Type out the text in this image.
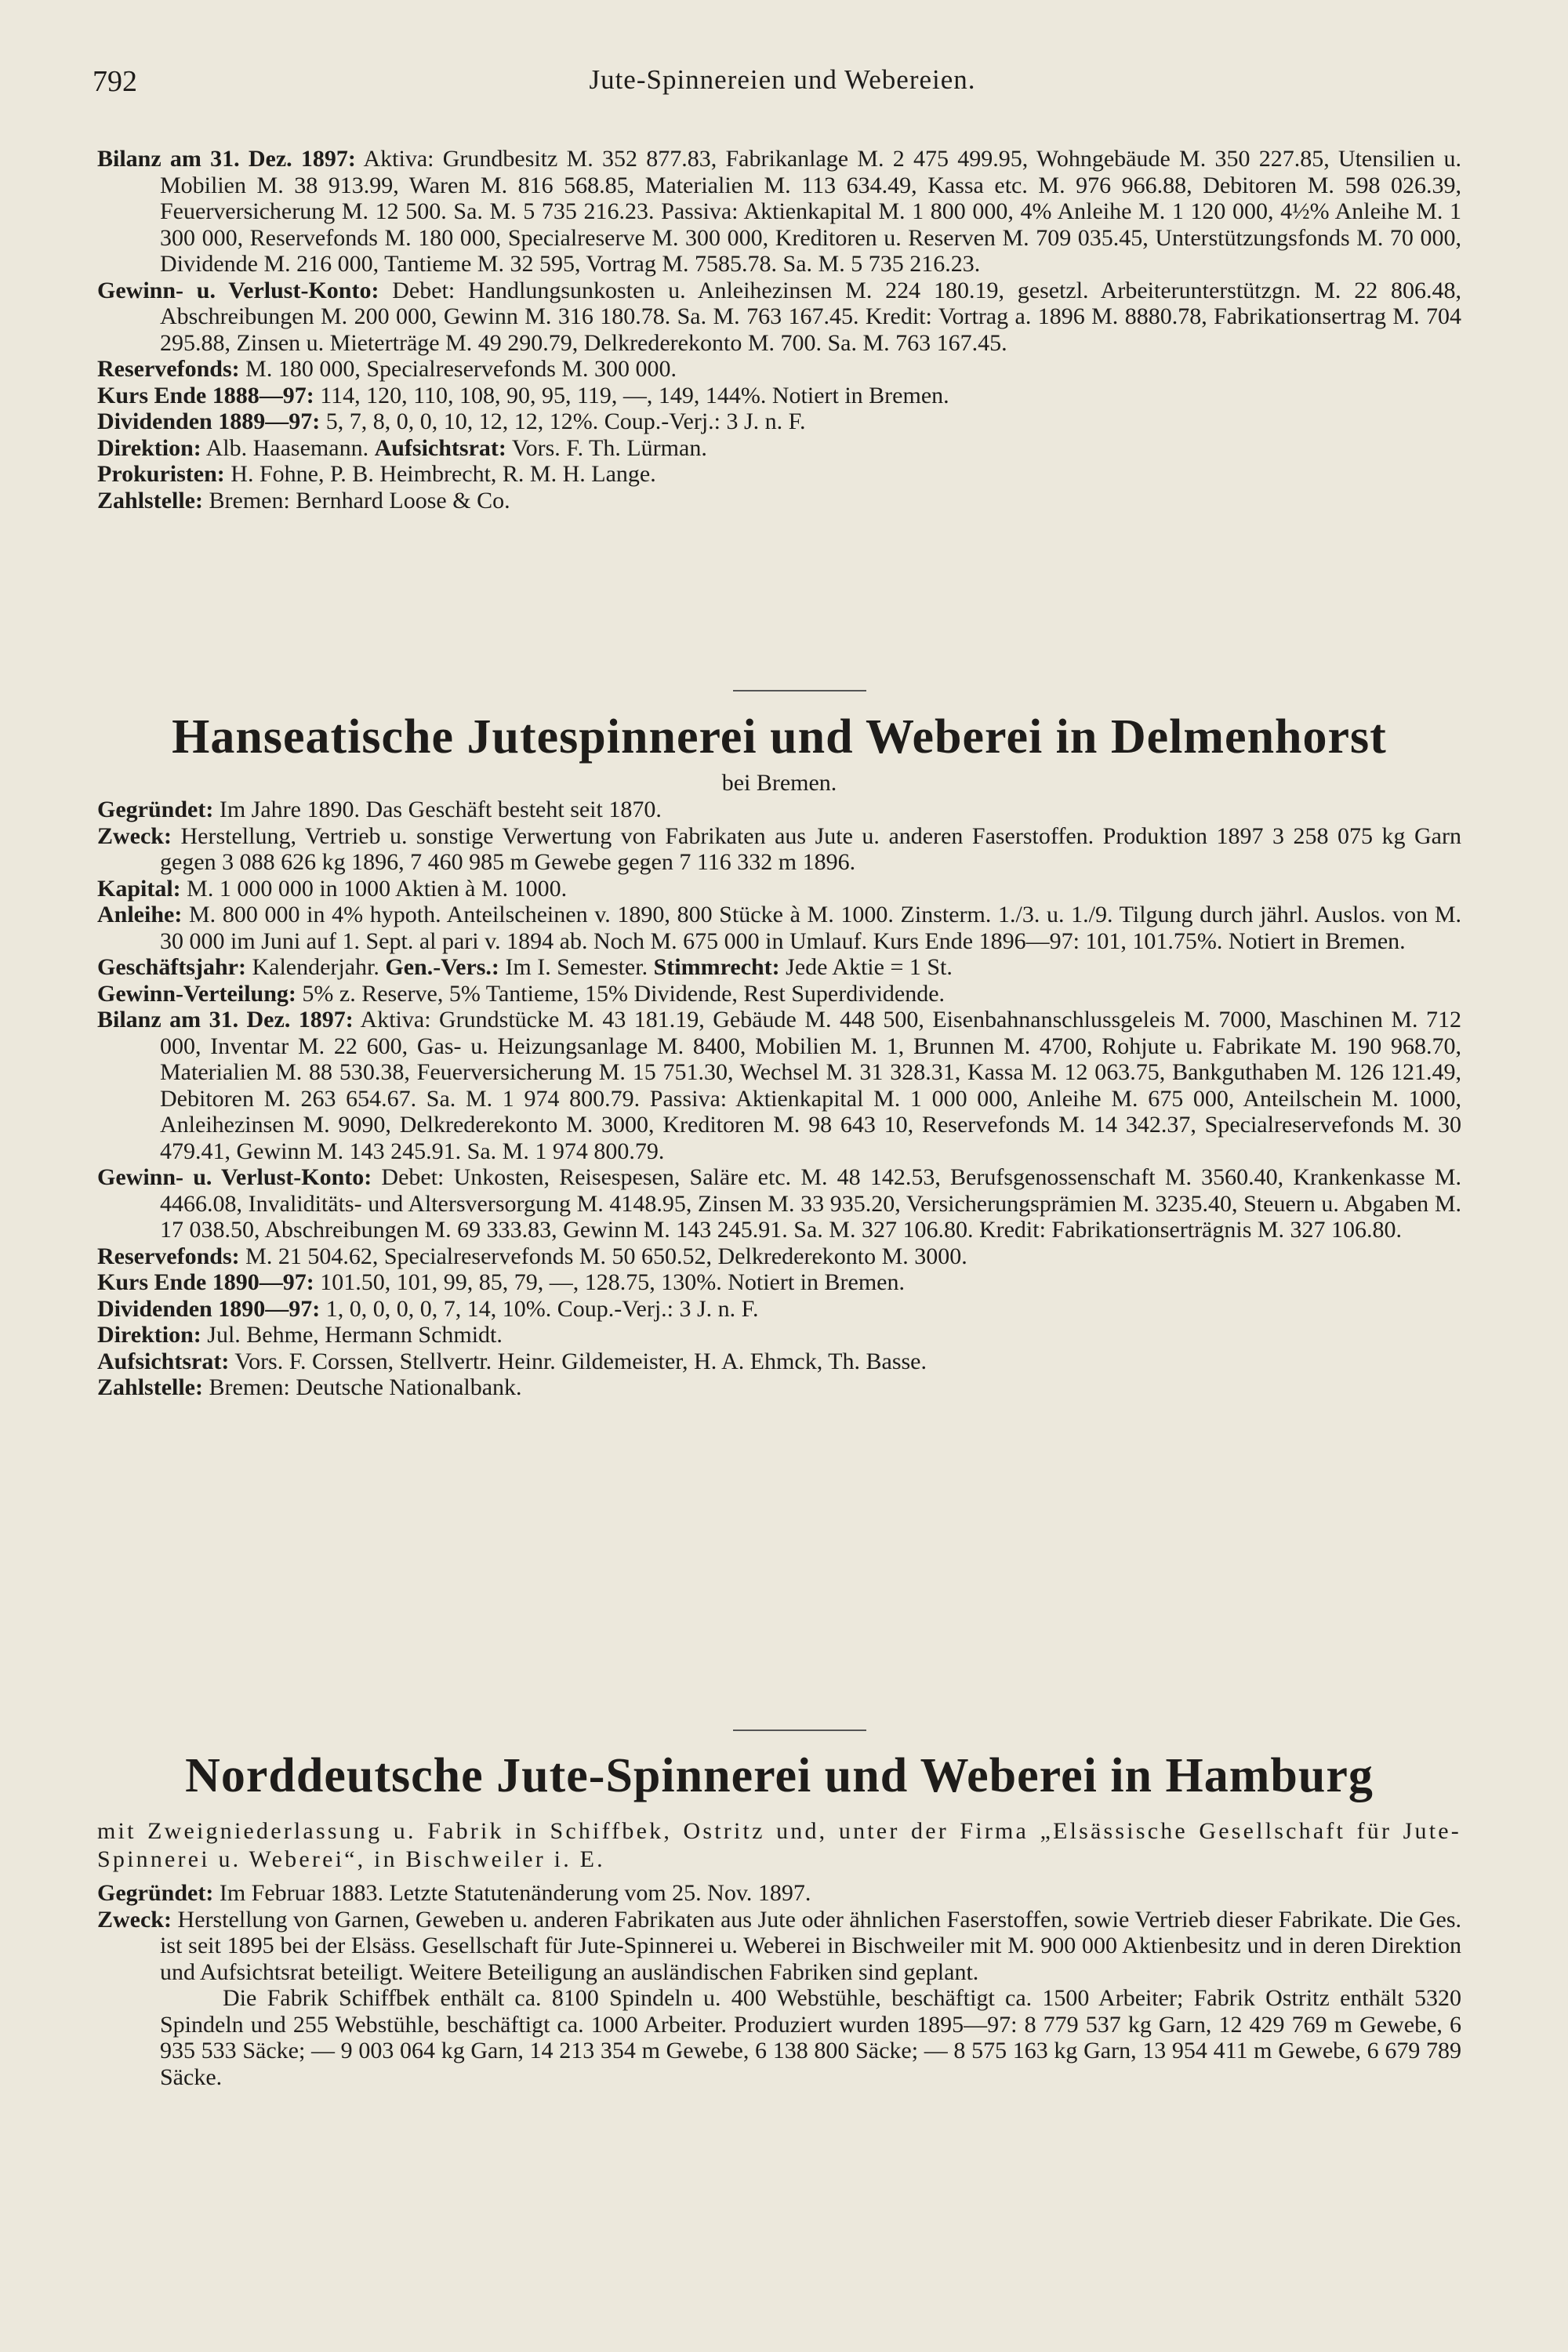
792	Jute-Spinnereien und Webereien.
Bilanz am 31. Dez. 1897: Aktiva: Grundbesitz M. 352 877.83, Fabrikanlage M. 2 475 499.95, Wohngebäude M. 350 227.85, Utensilien u. Mobilien M. 38 913.99, Waren M. 816 568.85, Materialien M. 113 634.49, Kassa etc. M. 976 966.88, Debitoren M. 598 026.39, Feuerversicherung M. 12 500. Sa. M. 5 735 216.23. Passiva: Aktienkapital M. 1 800 000, 4% Anleihe M. 1 120 000, 4½% Anleihe M. 1 300 000, Reservefonds M. 180 000, Specialreserve M. 300 000, Kreditoren u. Reserven M. 709 035.45, Unterstützungsfonds M. 70 000, Dividende M. 216 000, Tantieme M. 32 595, Vortrag M. 7585.78. Sa. M. 5 735 216.23.
Gewinn- u. Verlust-Konto: Debet: Handlungsunkosten u. Anleihezinsen M. 224 180.19, gesetzl. Arbeiterunterstützgn. M. 22 806.48, Abschreibungen M. 200 000, Gewinn M. 316 180.78. Sa. M. 763 167.45. Kredit: Vortrag a. 1896 M. 8880.78, Fabrikationsertrag M. 704 295.88, Zinsen u. Mieterträge M. 49 290.79, Delkrederekonto M. 700. Sa. M. 763 167.45.
Reservefonds: M. 180 000, Specialreservefonds M. 300 000.
Kurs Ende 1888—97: 114, 120, 110, 108, 90, 95, 119, —, 149, 144%. Notiert in Bremen.
Dividenden 1889—97: 5, 7, 8, 0, 0, 10, 12, 12, 12%. Coup.-Verj.: 3 J. n. F.
Direktion: Alb. Haasemann. Aufsichtsrat: Vors. F. Th. Lürman.
Prokuristen: H. Fohne, P. B. Heimbrecht, R. M. H. Lange.
Zahlstelle: Bremen: Bernhard Loose & Co.
Hanseatische Jutespinnerei und Weberei in Delmenhorst
bei Bremen.
Gegründet: Im Jahre 1890. Das Geschäft besteht seit 1870.
Zweck: Herstellung, Vertrieb u. sonstige Verwertung von Fabrikaten aus Jute u. anderen Faserstoffen. Produktion 1897 3 258 075 kg Garn gegen 3 088 626 kg 1896, 7 460 985 m Gewebe gegen 7 116 332 m 1896.
Kapital: M. 1 000 000 in 1000 Aktien à M. 1000.
Anleihe: M. 800 000 in 4% hypoth. Anteilscheinen v. 1890, 800 Stücke à M. 1000. Zinsterm. 1./3. u. 1./9. Tilgung durch jährl. Auslos. von M. 30 000 im Juni auf 1. Sept. al pari v. 1894 ab. Noch M. 675 000 in Umlauf. Kurs Ende 1896—97: 101, 101.75%. Notiert in Bremen.
Geschäftsjahr: Kalenderjahr. Gen.-Vers.: Im I. Semester. Stimmrecht: Jede Aktie = 1 St.
Gewinn-Verteilung: 5% z. Reserve, 5% Tantieme, 15% Dividende, Rest Superdividende.
Bilanz am 31. Dez. 1897: Aktiva: Grundstücke M. 43 181.19, Gebäude M. 448 500, Eisenbahnanschlussgeleis M. 7000, Maschinen M. 712 000, Inventar M. 22 600, Gas- u. Heizungsanlage M. 8400, Mobilien M. 1, Brunnen M. 4700, Rohjute u. Fabrikate M. 190 968.70, Materialien M. 88 530.38, Feuerversicherung M. 15 751.30, Wechsel M. 31 328.31, Kassa M. 12 063.75, Bankguthaben M. 126 121.49, Debitoren M. 263 654.67. Sa. M. 1 974 800.79. Passiva: Aktienkapital M. 1 000 000, Anleihe M. 675 000, Anteilschein M. 1000, Anleihezinsen M. 9090, Delkrederekonto M. 3000, Kreditoren M. 98 643 10, Reservefonds M. 14 342.37, Specialreservefonds M. 30 479.41, Gewinn M. 143 245.91. Sa. M. 1 974 800.79.
Gewinn- u. Verlust-Konto: Debet: Unkosten, Reisespesen, Saläre etc. M. 48 142.53, Berufsgenossenschaft M. 3560.40, Krankenkasse M. 4466.08, Invaliditäts- und Altersversorgung M. 4148.95, Zinsen M. 33 935.20, Versicherungsprämien M. 3235.40, Steuern u. Abgaben M. 17 038.50, Abschreibungen M. 69 333.83, Gewinn M. 143 245.91. Sa. M. 327 106.80. Kredit: Fabrikationserträgnis M. 327 106.80.
Reservefonds: M. 21 504.62, Specialreservefonds M. 50 650.52, Delkrederekonto M. 3000.
Kurs Ende 1890—97: 101.50, 101, 99, 85, 79, —, 128.75, 130%. Notiert in Bremen.
Dividenden 1890—97: 1, 0, 0, 0, 0, 7, 14, 10%. Coup.-Verj.: 3 J. n. F.
Direktion: Jul. Behme, Hermann Schmidt.
Aufsichtsrat: Vors. F. Corssen, Stellvertr. Heinr. Gildemeister, H. A. Ehmck, Th. Basse.
Zahlstelle: Bremen: Deutsche Nationalbank.
Norddeutsche Jute-Spinnerei und Weberei in Hamburg
mit Zweigniederlassung u. Fabrik in Schiffbek, Ostritz und, unter der Firma „Elsässische Gesellschaft für Jute-Spinnerei u. Weberei“, in Bischweiler i. E.
Gegründet: Im Februar 1883. Letzte Statutenänderung vom 25. Nov. 1897.
Zweck: Herstellung von Garnen, Geweben u. anderen Fabrikaten aus Jute oder ähnlichen Faserstoffen, sowie Vertrieb dieser Fabrikate. Die Ges. ist seit 1895 bei der Elsäss. Gesellschaft für Jute-Spinnerei u. Weberei in Bischweiler mit M. 900 000 Aktienbesitz und in deren Direktion und Aufsichtsrat beteiligt. Weitere Beteiligung an ausländischen Fabriken sind geplant.
Die Fabrik Schiffbek enthält ca. 8100 Spindeln u. 400 Webstühle, beschäftigt ca. 1500 Arbeiter; Fabrik Ostritz enthält 5320 Spindeln und 255 Webstühle, beschäftigt ca. 1000 Arbeiter. Produziert wurden 1895—97: 8 779 537 kg Garn, 12 429 769 m Gewebe, 6 935 533 Säcke; — 9 003 064 kg Garn, 14 213 354 m Gewebe, 6 138 800 Säcke; — 8 575 163 kg Garn, 13 954 411 m Gewebe, 6 679 789 Säcke.
